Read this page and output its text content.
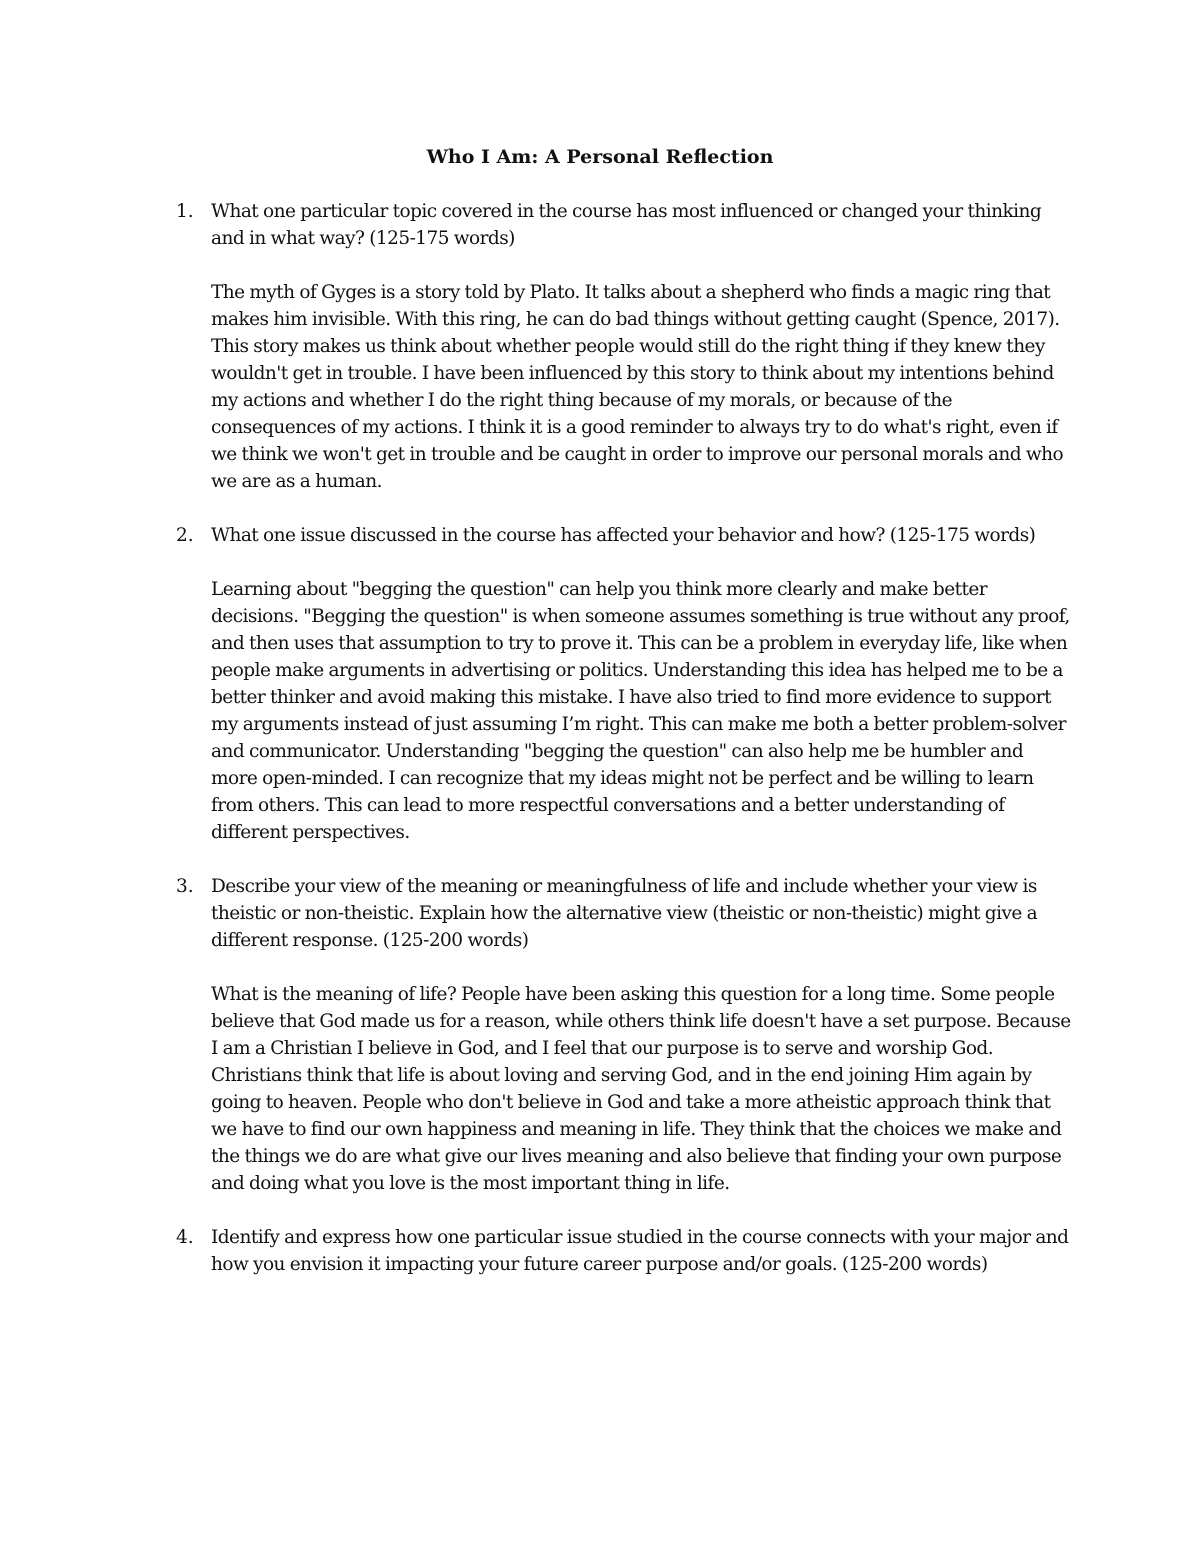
Who I Am: A Personal Reflection
1. What one particular topic covered in the course has most influenced or changed your thinking and in what way? (125-175 words)

The myth of Gyges is a story told by Plato. It talks about a shepherd who finds a magic ring that makes him invisible. With this ring, he can do bad things without getting caught (Spence, 2017). This story makes us think about whether people would still do the right thing if they knew they wouldn't get in trouble. I have been influenced by this story to think about my intentions behind my actions and whether I do the right thing because of my morals, or because of the consequences of my actions. I think it is a good reminder to always try to do what's right, even if we think we won't get in trouble and be caught in order to improve our personal morals and who we are as a human.

2. What one issue discussed in the course has affected your behavior and how? (125-175 words)

Learning about "begging the question" can help you think more clearly and make better decisions. "Begging the question" is when someone assumes something is true without any proof, and then uses that assumption to try to prove it. This can be a problem in everyday life, like when people make arguments in advertising or politics. Understanding this idea has helped me to be a better thinker and avoid making this mistake. I have also tried to find more evidence to support my arguments instead of just assuming I’m right. This can make me both a better problem-solver and communicator. Understanding "begging the question" can also help me be humbler and more open-minded. I can recognize that my ideas might not be perfect and be willing to learn from others. This can lead to more respectful conversations and a better understanding of different perspectives.

3. Describe your view of the meaning or meaningfulness of life and include whether your view is theistic or non-theistic. Explain how the alternative view (theistic or non-theistic) might give a different response. (125-200 words)

What is the meaning of life? People have been asking this question for a long time. Some people believe that God made us for a reason, while others think life doesn't have a set purpose. Because I am a Christian I believe in God, and I feel that our purpose is to serve and worship God. Christians think that life is about loving and serving God, and in the end joining Him again by going to heaven. People who don't believe in God and take a more atheistic approach think that we have to find our own happiness and meaning in life. They think that the choices we make and the things we do are what give our lives meaning and also believe that finding your own purpose and doing what you love is the most important thing in life.

4. Identify and express how one particular issue studied in the course connects with your major and how you envision it impacting your future career purpose and/or goals. (125-200 words)
